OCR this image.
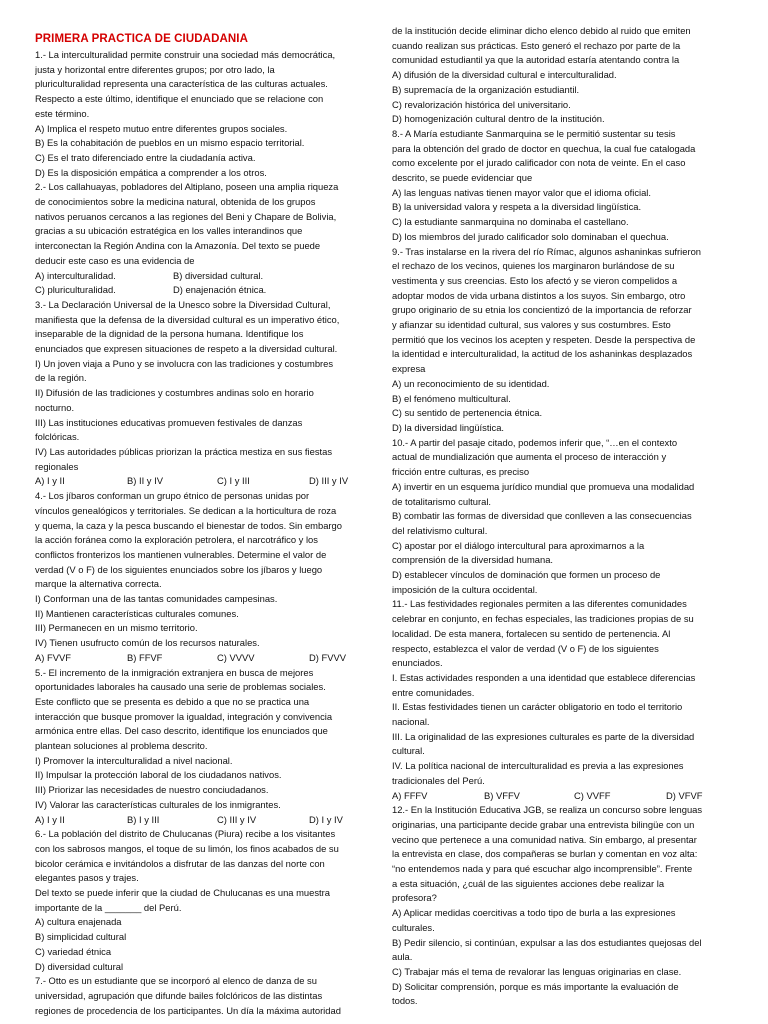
PRIMERA PRACTICA DE CIUDADANIA
1.- La interculturalidad permite construir una sociedad más democrática,
justa y horizontal entre diferentes grupos; por otro lado, la
pluriculturalidad representa una característica de las culturas actuales.
Respecto a este último, identifique el enunciado que se relacione con
este término.
A) Implica el respeto mutuo entre diferentes grupos sociales.
B) Es la cohabitación de pueblos en un mismo espacio territorial.
C) Es el trato diferenciado entre la ciudadanía activa.
D) Es la disposición empática a comprender a los otros.
2.- Los callahuayas, pobladores del Altiplano, poseen una amplia riqueza
de conocimientos sobre la medicina natural, obtenida de los grupos
nativos peruanos cercanos a las regiones del Beni y Chapare de Bolivia,
gracias a su ubicación estratégica en los valles interandinos que
interconectan la Región Andina con la Amazonía. Del texto se puede
deducir este caso es una evidencia de
A) interculturalidad.	B) diversidad cultural.
C) pluriculturalidad.	D) enajenación étnica.
3.- La Declaración Universal de la Unesco sobre la Diversidad Cultural,
manifiesta que la defensa de la diversidad cultural es un imperativo ético,
inseparable de la dignidad de la persona humana. Identifique los
enunciados que expresen situaciones de respeto a la diversidad cultural.
I) Un joven viaja a Puno y se involucra con las tradiciones y costumbres
de la región.
II) Difusión de las tradiciones y costumbres andinas solo en horario
nocturno.
III) Las instituciones educativas promueven festivales de danzas
folclóricas.
IV) Las autoridades públicas priorizan la práctica mestiza en sus fiestas
regionales
A) I y II	B) II y IV	C) I y III	D) III y IV
4.- Los jíbaros conforman un grupo étnico de personas unidas por
vínculos genealógicos y territoriales. Se dedican a la horticultura de roza
y quema, la caza y la pesca buscando el bienestar de todos. Sin embargo
la acción foránea como la exploración petrolera, el narcotráfico y los
conflictos fronterizos los mantienen vulnerables. Determine el valor de
verdad (V o F) de los siguientes enunciados sobre los jíbaros y luego
marque la alternativa correcta.
I) Conforman una de las tantas comunidades campesinas.
II) Mantienen características culturales comunes.
III) Permanecen en un mismo territorio.
IV) Tienen usufructo común de los recursos naturales.
A) FVVF	B) FFVF	C) VVVV	D) FVVV
5.- El incremento de la inmigración extranjera en busca de mejores
oportunidades laborales ha causado una serie de problemas sociales.
Este conflicto que se presenta es debido a que no se practica una
interacción que busque promover la igualdad, integración y convivencia
armónica entre ellas. Del caso descrito, identifique los enunciados que
plantean soluciones al problema descrito.
I) Promover la interculturalidad a nivel nacional.
II) Impulsar la protección laboral de los ciudadanos nativos.
III) Priorizar las necesidades de nuestro conciudadanos.
IV) Valorar las características culturales de los inmigrantes.
A) I y II	B) I y III	C) III y IV	D) I y IV
6.- La población del distrito de Chulucanas (Piura) recibe a los visitantes
con los sabrosos mangos, el toque de su limón, los finos acabados de su
bicolor cerámica e invitándolos a disfrutar de las danzas del norte con
elegantes pasos y trajes.
Del texto se puede inferir que la ciudad de Chulucanas es una muestra
importante de la _______ del Perú.
A) cultura enajenada
B) simplicidad cultural
C) variedad étnica
D) diversidad cultural
7.- Otto es un estudiante que se incorporó al elenco de danza de su
universidad, agrupación que difunde bailes folclóricos de las distintas
regiones de procedencia de los participantes. Un día la máxima autoridad
de la institución decide eliminar dicho elenco debido al ruido que emiten
cuando realizan sus prácticas. Esto generó el rechazo por parte de la
comunidad estudiantil ya que la autoridad estaría atentando contra la
A) difusión de la diversidad cultural e interculturalidad.
B) supremacía de la organización estudiantil.
C) revalorización histórica del universitario.
D) homogenización cultural dentro de la institución.
8.- A María estudiante Sanmarquina se le permitió sustentar su tesis
para la obtención del grado de doctor en quechua, la cual fue catalogada
como excelente por el jurado calificador con nota de veinte. En el caso
descrito, se puede evidenciar que
A) las lenguas nativas tienen mayor valor que el idioma oficial.
B) la universidad valora y respeta a la diversidad lingüística.
C) la estudiante sanmarquina no dominaba el castellano.
D) los miembros del jurado calificador solo dominaban el quechua.
9.- Tras instalarse en la rivera del río Rímac, algunos ashaninkas sufrieron
el rechazo de los vecinos, quienes los marginaron burlándose de su
vestimenta y sus creencias. Esto los afectó y se vieron compelidos a
adoptar modos de vida urbana distintos a los suyos. Sin embargo, otro
grupo originario de su etnia los concientizó de la importancia de reforzar
y afianzar su identidad cultural, sus valores y sus costumbres. Esto
permitió que los vecinos los acepten y respeten. Desde la perspectiva de
la identidad e interculturalidad, la actitud de los ashaninkas desplazados
expresa
A) un reconocimiento de su identidad.
B) el fenómeno multicultural.
C) su sentido de pertenencia étnica.
D) la diversidad lingüística.
10.- A partir del pasaje citado, podemos inferir que, “…en el contexto
actual de mundialización que aumenta el proceso de interacción y
fricción entre culturas, es preciso
A) invertir en un esquema jurídico mundial que promueva una modalidad
de totalitarismo cultural.
B) combatir las formas de diversidad que conlleven a las consecuencias
del relativismo cultural.
C) apostar por el diálogo intercultural para aproximarnos a la
comprensión de la diversidad humana.
D) establecer vínculos de dominación que formen un proceso de
imposición de la cultura occidental.
11.- Las festividades regionales permiten a las diferentes comunidades
celebrar en conjunto, en fechas especiales, las tradiciones propias de su
localidad. De esta manera, fortalecen su sentido de pertenencia. Al
respecto, establezca el valor de verdad (V o F) de los siguientes
enunciados.
I. Estas actividades responden a una identidad que establece diferencias
entre comunidades.
II. Estas festividades tienen un carácter obligatorio en todo el territorio
nacional.
III. La originalidad de las expresiones culturales es parte de la diversidad
cultural.
IV. La política nacional de interculturalidad es previa a las expresiones
tradicionales del Perú.
A) FFFV	B) VFFV	C) VVFF	D) VFVF
12.- En la Institución Educativa JGB, se realiza un concurso sobre lenguas
originarias, una participante decide grabar una entrevista bilingüe con un
vecino que pertenece a una comunidad nativa. Sin embargo, al presentar
la entrevista en clase, dos compañeras se burlan y comentan en voz alta:
“no entendemos nada y para qué escuchar algo incomprensible”. Frente
a esta situación, ¿cuál de las siguientes acciones debe realizar la
profesora?
A) Aplicar medidas coercitivas a todo tipo de burla a las expresiones
culturales.
B) Pedir silencio, si continúan, expulsar a las dos estudiantes quejosas del
aula.
C) Trabajar más el tema de revalorar las lenguas originarias en clase.
D) Solicitar comprensión, porque es más importante la evaluación de
todos.
